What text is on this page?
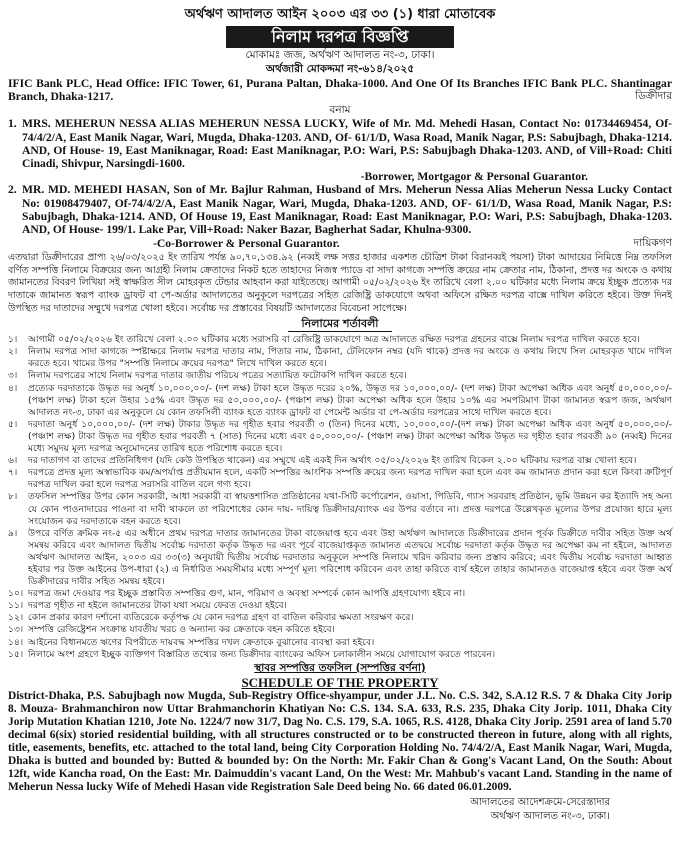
অর্থঋণ আদালত আইন ২০০৩ এর ৩৩ (১) ধারা মোতাবেক
নিলাম দরপত্র বিজ্ঞপ্তি
মোকামঃ জজ, অর্থঋণ আদালত নং-৩, ঢাকা।
অর্থজারী মোকদ্দমা নং-৬১৪/২০২৫
IFIC Bank PLC, Head Office: IFIC Tower, 61, Purana Paltan, Dhaka-1000. And One Of Its Branches IFIC Bank PLC. Shantinagar Branch, Dhaka-1217.	ডিক্রীদার
বনাম
1. MRS. MEHERUN NESSA ALIAS MEHERUN NESSA LUCKY, Wife of Mr. Md. Mehedi Hasan, Contact No: 01734469454, Of- 74/4/2/A, East Manik Nagar, Wari, Mugda, Dhaka-1203. AND, Of- 61/1/D, Wasa Road, Manik Nagar, P.S: Sabujbagh, Dhaka-1214. AND, Of House- 19, East Maniknagar, Road: East Maniknagar, P.O: Wari, P.S: Sabujbagh Dhaka-1203. AND, of Vill+Road: Chiti Cinadi, Shivpur, Narsingdi-1600.
-Borrower, Mortgagor & Personal Guarantor.
2. MR. MD. MEHEDI HASAN, Son of Mr. Bajlur Rahman, Husband of Mrs. Meherun Nessa Alias Meherun Nessa Lucky Contact No: 01908479407, Of-74/4/2/A, East Manik Nagar, Wari, Mugda, Dhaka-1203. AND, OF- 61/1/D, Wasa Road, Manik Nagar, P.S: Sabujbagh, Dhaka-1214. AND, Of House 19, East Maniknagar, Road: East Maniknagar, P.O: Wari, P.S: Sabujbagh, Dhaka-1203. AND, Of House- 199/1. Lake Par, Vill+Road: Naker Bazar, Bagherhat Sadar, Khulna-9300.
-Co-Borrower & Personal Guarantor.	দায়িকগণ
এতদ্বারা ডিক্রীদারের প্রাপ্য ২৬/০৩/২০২৫ ইং তারিখ পর্যন্ত ৯০,৭০,১৩৪.৯২ (নব্বই লক্ষ সত্তর হাজার একশত চৌত্রিশ টাকা বিরানব্বই পয়সা) টাকা আদায়ের নিমিত্তে নিম্ন তফসিল বর্ণিত সম্পত্তি নিলামে বিক্রয়ের জন্য আগ্রহী নিলাম ক্রেতাদের নিকট হতে তাহাদের নিজস্ব প্যাডে বা সাদা কাগজে সম্পত্তি ক্রয়ের নাম ক্রেতার নাম, ঠিকানা, প্রদত্ত দর অংকে ও কথায় জামানতের বিবরণ লিখিয়া সই স্বাক্ষরিত সীল মোহরকৃত টেন্ডার আহবান করা যাইতেছে। আগামী ০৫/০২/২০২৬ ইং তারিখে বেলা ২.০০ ঘটিকার মধ্যে নিলাম ক্রয়ে ইচ্ছুক প্রত্যেক দর দাতাকে জামানত স্বরূপ ব্যাংক ড্রাফট বা পে-অর্ডার আদালতের অনুকূলে দরপত্রের সহিত রেজিষ্ট্রি ডাকযোগে অথবা অফিসে রক্ষিত দরপত্র বাক্সে দাখিল করিতে হইবে। উক্ত দিনই উপস্থিত দর দাতাদের সম্মুখে দরপত্র খোলা হইবে। সর্বোচ্চ দর প্রস্তাবের বিষয়টি আদালতের বিবেচনা সাপেক্ষে।
নিলামের শর্তাবলী
১।	আগামী ০৫/০২/২০২৬ ইং তারিখে বেলা ২.০০ ঘটিকার মধ্যে সরাসরি বা রেজিষ্ট্রি ডাকযোগে অত্র আদালতে রক্ষিত দরপত্র গ্রহনের বাক্সে নিলাম দরপত্র দাখিল করতে হবে।
২।	নিলাম দরপত্র সাদা কাগজে স্পষ্টাক্ষরে নিলাম দরপত্র দাতার নাম, পিতার নাম, ঠিকানা, টেলিফোন নম্বর (যদি থাকে) প্রদত্ত দর অংকে ও কথায় লিখে সিল মোহরকৃত খামে দাখিল করতে হবে। খামের উপর "সম্পত্তি নিলামে ক্রয়ের দরপত্র" লিখে দাখিল করতে হবে।
৩।	নিলাম দরপত্রের সাথে নিলাম দরপত্র দাতার জাতীয় পরিচয় পত্রের সত্যায়িত ফটোকপি দাখিল করতে হবে।
৪।	প্রত্যেক দরদাতাকে উদ্ধৃত দর অনুর্ধ ১০,০০০,০০/- (দশ লক্ষ) টাকা হলে উদ্ধৃত দরের ২০%, উদ্ধৃত দর ১০,০০০,০০/- (দশ লক্ষ) টাকা অপেক্ষা অধিক এবং অনুর্ধ ৫০,০০০,০০/-(পঞ্চাশ লক্ষ) টাকা হলে উহার ১৫% এবং উদ্ধৃত দর ৫০,০০০,০০/- (পঞ্চাশ লক্ষ) টাকা অপেক্ষা অধিক হলে উহার ১০% এর সমপরিমাণ টাকা জামানত স্বরূপ জজ, অর্থঋণ আদালত নং-৩, ঢাকা এর অনুকূলে যে কোন তফসিলী ব্যাংক হতে ব্যাংক ড্রাফট বা পেমেন্ট অর্ডার বা পে-অর্ডার দরপত্রের সাথে দাখিল করতে হবে।
৫।	দরদাতা অনুর্ধ ১০,০০০,০০/- (দশ লক্ষ) টাকার উদ্ধৃত দর গৃহীত হবার পরবর্তী ৩ (তিন) দিনের মধ্যে, ১০,০০০,০০/-(দশ লক্ষ) টাকা অপেক্ষা অধিক এবং অনুর্ধ ৫০,০০০,০০/- (পঞ্চাশ লক্ষ) টাকা উদ্ধৃত দর গৃহীত হবার পরবর্তী ৭ (সাত) দিনের মধ্যে এবং ৫০,০০০,০০/- (পঞ্চাশ লক্ষ) টাকা অপেক্ষা অধিক উদ্ধৃত দর গৃহীত হবার পরবর্তী ৯০ (নব্বই) দিনের মধ্যে সমুদয় মূল্য দরপত্র অনুমোদনের তারিখ হতে পরিশোধ করতে হবে।
৬।	দর দাতাগণ বা তাদের প্রতিনিধিগণ (যদি কেউ উপস্থিত থাকেন) এর সম্মুখে এই একই দিন অর্থাৎ ০৫/০২/২০২৬ ইং তারিখ বিকেল ২.০০ ঘটিকায় দরপত্র বাক্স খোলা হবে।
৭।	দরপত্রে প্রদত্ত মূল্য অস্বাভাবিক কম/অপর্যাপ্ত প্রতীয়মান হলে, একটি সম্পত্তির আংশিক সম্পত্তি ক্রয়ের জন্য দরপত্র দাখিল করা হলে এবং কম জামানত প্রদান করা হলে কিংবা ক্রটিপূর্ণ দরপত্র দাখিল করা হলে দরপত্র সরাসরি বাতিল বলে গণ্য হবে।
৮।	তফসিল সম্পত্তির উপর কোন সরকারী, আধা সরকারী বা স্বায়ত্তশাসিত প্রতিষ্ঠানের যথা-সিটি কর্পোরেশন, ওয়াসা, পিডিবি, গ্যাস সরবরাহ প্রতিষ্ঠান, ভূমি উন্নয়ন কর ইত্যাদি সহ অন্য যে কোন পাওনাদারের পাওনা বা দাবী থাকলে তা পরিশোধের কোন দায়- দায়িত্ব ডিক্রীদার/ব্যাংক এর উপর বর্তাবে না। প্রদত্ত দরপত্রে উল্লেখকৃত মূল্যের উপর প্রযোজ্য হারে মূল্য সংযোজন কর দরদাতাকে বহন করতে হবে।
৯।	উপরে বর্ণিত ক্রমিক নং-৫ এর অধীনে প্রথম দরপত্র দাতার জামানতের টাকা বাজেয়াপ্ত হবে এবং উহা অর্থঋণ আদালতে ডিক্রীদারের প্রদান পূর্বক ডিক্রীতে দাবীর সহিত উক্ত অর্থ সমন্বয় করিবে এবং আদালত দ্বিতীয় সর্বোচ্চ দরদাতা কর্তৃক উদ্ধৃত দর এবং পূর্বে বাজেয়াপ্তকৃত জামানত এতদ্বয়ে সর্বোচ্চ দরদাতা কর্তৃক উদ্ধৃত দর অপেক্ষা কম না হইলে, আদালত অর্থঋণ আদালত আইন, ২০০৩ এর ৩৩(৩) অনুযায়ী দ্বিতীয় সর্বোচ্চ দরদাতার অনুকূলে সম্পত্তি নিলামে খরিদ করিবার জন্য প্রস্তাব করিবে; এবং দ্বিতীয় সর্বোচ্চ দরদাতা আহ্বত হইবার পর উক্ত আইনের উপ-ধারা (২) এ নির্ধারিত সময়সীমার মধ্যে সম্পূর্ণ মূল্য পরিশোধ করিবেন এবং তাহা করিতে ব্যর্থ হইলে তাহার জামানতও বাজেয়াপ্ত হইবে এবং উক্ত অর্থ ডিক্রীদারের দাবীর সহিত সমন্বয় হইবে।
১০। দরপত্র জমা দেওয়ার পর ইচ্ছুক প্রস্তাবিত সম্পত্তির গুণ, মান, পরিমাণ ও অবস্থা সম্পর্কে কোন আপত্তি গ্রহণযোগ্য হইবে না।
১১। দরপত্র গৃহীত না হইলে জামানতের টাকা যথা সময়ে ফেরত দেওয়া হইবে।
১২। কোন প্রকার কারণ দর্শানো ব্যতিরেকে কর্তৃপক্ষ যে কোন দরপত্র গ্রহণ বা বাতিল করিবার ক্ষমতা সংরক্ষণ করে।
১৩। সম্পত্তি রেজিষ্ট্রেশন সংক্রান্ত যাবতীয় খরচ ও অন্যান্য কর ক্রেতাকে বহন করিতে হইবে।
১৪। আইনের বিধানমতে ঋণের বিপরীতে দায়বদ্ধ সম্পত্তির দখল ক্রেতাকে বুঝানোর ব্যবস্থা করা হইবে।
১৫। নিলামে অংশ গ্রহণে ইচ্ছুক ব্যক্তিগণ বিস্তারিত তথ্যের জন্য ডিক্রীদার ব্যাংকের অফিস চলাকালীন সময়ে যোগাযোগ করতে পারবেন।
স্থাবর সম্পত্তির তফসিল (সম্পত্তির বর্ণনা)
SCHEDULE OF THE PROPERTY
District-Dhaka, P.S. Sabujbagh now Mugda, Sub-Registry Office-shyampur, under J.L. No. C.S. 342, S.A.12 R.S. 7 & Dhaka City Jorip 8. Mouza- Brahmanchiron now Uttar Brahmanchorin Khatiyan No: C.S. 134. S.A. 633, R.S. 235, Dhaka City Jorip. 1011, Dhaka City Jorip Mutation Khatian 1210, Jote No. 1224/7 now 31/7, Dag No. C.S. 179, S.A. 1065, R.S. 4128, Dhaka City Jorip. 2591 area of land 5.70 decimal 6(six) storied residential building, with all structures constructed or to be constructed thereon in future, along with all rights, title, easements, benefits, etc. attached to the total land, being City Corporation Holding No. 74/4/2/A, East Manik Nagar, Wari, Mugda, Dhaka is butted and bounded by: Butted & bounded by: On the North: Mr. Fakir Chan & Gong's Vacant Land, On the South: About 12ft, wide Kancha road, On the East: Mr. Daimuddin's vacant Land, On the West: Mr. Mahbub's vacant Land. Standing in the name of Meherun Nessa lucky Wife of Mehedi Hasan vide Registration Sale Deed being No. 66 dated 06.01.2009.
আদালতের আদেশক্রমে-সেরেস্তাদার
অর্থঋণ আদালত নং-৩, ঢাকা।
